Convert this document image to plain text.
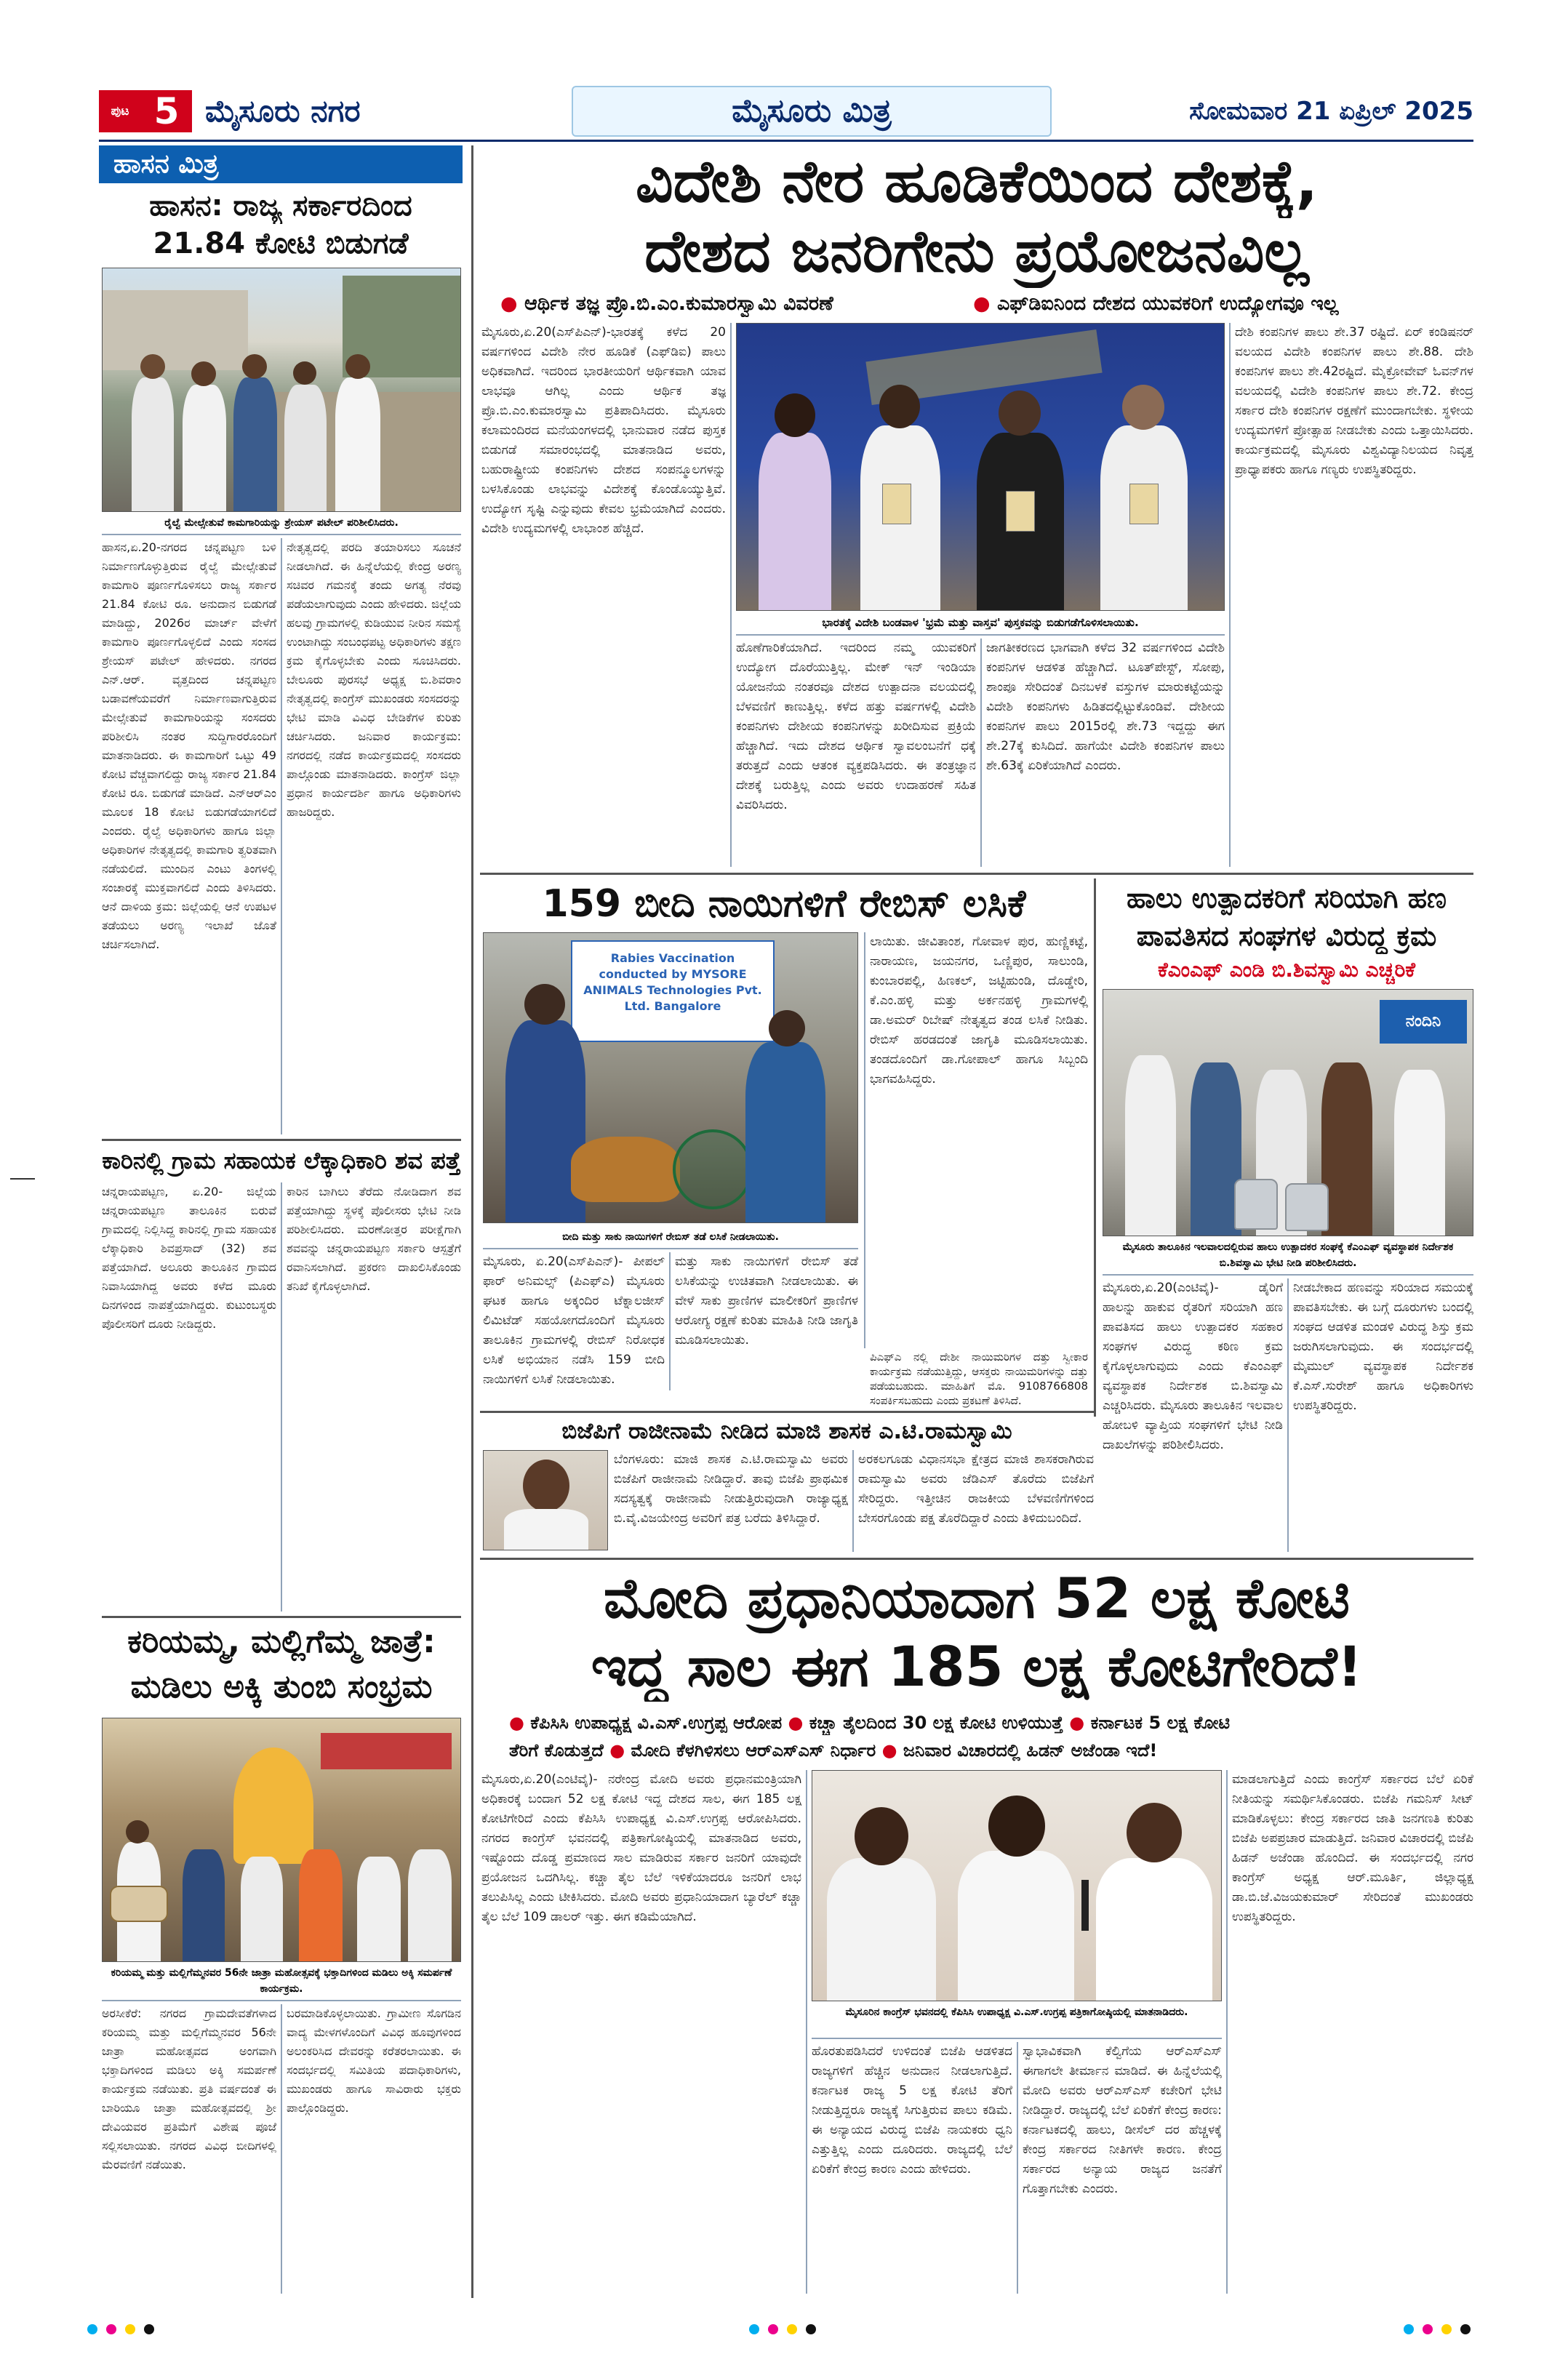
ಪುಟ 5 ಮೈಸೂರು ನಗರ	ಮೈಸೂರು ಮಿತ್ರ	ಸೋಮವಾರ 21 ಏಪ್ರಿಲ್ 2025
ಹಾಸನ ಮಿತ್ರ
ಹಾಸನ: ರಾಜ್ಯ ಸರ್ಕಾರದಿಂದ
21.84 ಕೋಟಿ ಬಿಡುಗಡೆ
ರೈಲ್ವೆ ಮೇಲ್ಸೇತುವೆ ಕಾಮಗಾರಿಯನ್ನು ಶ್ರೇಯಸ್ ಪಟೇಲ್ ಪರಿಶೀಲಿಸಿದರು.
ಹಾಸನ,ಏ.20-ನಗರದ ಚನ್ನಪಟ್ಟಣ ಬಳಿ ನಿರ್ಮಾಣಗೊಳ್ಳುತ್ತಿರುವ ರೈಲ್ವೆ ಮೇಲ್ಸೇತುವೆ ಕಾಮಗಾರಿ ಪೂರ್ಣಗೊಳಿಸಲು ರಾಜ್ಯ ಸರ್ಕಾರ 21.84 ಕೋಟಿ ರೂ. ಅನುದಾನ ಬಿಡುಗಡೆ ಮಾಡಿದ್ದು, 2026ರ ಮಾರ್ಚ್ ವೇಳೆಗೆ ಕಾಮಗಾರಿ ಪೂರ್ಣಗೊಳ್ಳಲಿದೆ ಎಂದು ಸಂಸದ ಶ್ರೇಯಸ್ ಪಟೇಲ್ ಹೇಳಿದರು. ನಗರದ ಎನ್.ಆರ್. ವೃತ್ತದಿಂದ ಚನ್ನಪಟ್ಟಣ ಬಡಾವಣೆಯವರೆಗೆ ನಿರ್ಮಾಣವಾಗುತ್ತಿರುವ ಮೇಲ್ಸೇತುವೆ ಕಾಮಗಾರಿಯನ್ನು ಸಂಸದರು ಪರಿಶೀಲಿಸಿ ನಂತರ ಸುದ್ದಿಗಾರರೊಂದಿಗೆ ಮಾತನಾಡಿದರು. ಈ ಕಾಮಗಾರಿಗೆ ಒಟ್ಟು 49 ಕೋಟಿ ವೆಚ್ಚವಾಗಲಿದ್ದು ರಾಜ್ಯ ಸರ್ಕಾರ 21.84 ಕೋಟಿ ರೂ. ಬಿಡುಗಡೆ ಮಾಡಿದೆ. ಎನ್‌ಆರ್‌ಎಂ ಮೂಲಕ 18 ಕೋಟಿ ಬಿಡುಗಡೆಯಾಗಲಿದೆ ಎಂದರು. ರೈಲ್ವೆ ಅಧಿಕಾರಿಗಳು ಹಾಗೂ ಜಿಲ್ಲಾ ಅಧಿಕಾರಿಗಳ ನೇತೃತ್ವದಲ್ಲಿ ಕಾಮಗಾರಿ ತ್ವರಿತವಾಗಿ ನಡೆಯಲಿದೆ. ಮುಂದಿನ ಎಂಟು ತಿಂಗಳಲ್ಲಿ ಸಂಚಾರಕ್ಕೆ ಮುಕ್ತವಾಗಲಿದೆ ಎಂದು ತಿಳಿಸಿದರು. ಆನೆ ದಾಳಿಯ ಕ್ರಮ: ಜಿಲ್ಲೆಯಲ್ಲಿ ಆನೆ ಉಪಟಳ ತಡೆಯಲು ಅರಣ್ಯ ಇಲಾಖೆ ಜೊತೆ ಚರ್ಚಿಸಲಾಗಿದೆ.
ನೇತೃತ್ವದಲ್ಲಿ ಪರದಿ ತಯಾರಿಸಲು ಸೂಚನೆ ನೀಡಲಾಗಿದೆ. ಈ ಹಿನ್ನೆಲೆಯಲ್ಲಿ ಕೇಂದ್ರ ಅರಣ್ಯ ಸಚಿವರ ಗಮನಕ್ಕೆ ತಂದು ಅಗತ್ಯ ನೆರವು ಪಡೆಯಲಾಗುವುದು ಎಂದು ಹೇಳಿದರು. ಜಿಲ್ಲೆಯ ಹಲವು ಗ್ರಾಮಗಳಲ್ಲಿ ಕುಡಿಯುವ ನೀರಿನ ಸಮಸ್ಯೆ ಉಂಟಾಗಿದ್ದು ಸಂಬಂಧಪಟ್ಟ ಅಧಿಕಾರಿಗಳು ತಕ್ಷಣ ಕ್ರಮ ಕೈಗೊಳ್ಳಬೇಕು ಎಂದು ಸೂಚಿಸಿದರು. ಬೇಲೂರು ಪುರಸಭೆ ಅಧ್ಯಕ್ಷ ಬಿ.ಶಿವರಾಂ ನೇತೃತ್ವದಲ್ಲಿ ಕಾಂಗ್ರೆಸ್ ಮುಖಂಡರು ಸಂಸದರನ್ನು ಭೇಟಿ ಮಾಡಿ ವಿವಿಧ ಬೇಡಿಕೆಗಳ ಕುರಿತು ಚರ್ಚಿಸಿದರು. ಜನಿವಾರ ಕಾರ್ಯಕ್ರಮ: ನಗರದಲ್ಲಿ ನಡೆದ ಕಾರ್ಯಕ್ರಮದಲ್ಲಿ ಸಂಸದರು ಪಾಲ್ಗೊಂಡು ಮಾತನಾಡಿದರು. ಕಾಂಗ್ರೆಸ್ ಜಿಲ್ಲಾ ಪ್ರಧಾನ ಕಾರ್ಯದರ್ಶಿ ಹಾಗೂ ಅಧಿಕಾರಿಗಳು ಹಾಜರಿದ್ದರು.
ಕಾರಿನಲ್ಲಿ ಗ್ರಾಮ ಸಹಾಯಕ ಲೆಕ್ಕಾಧಿಕಾರಿ ಶವ ಪತ್ತೆ
ಚನ್ನರಾಯಪಟ್ಟಣ, ಏ.20- ಜಿಲ್ಲೆಯ ಚನ್ನರಾಯಪಟ್ಟಣ ತಾಲೂಕಿನ ಬಿರುವೆ ಗ್ರಾಮದಲ್ಲಿ ನಿಲ್ಲಿಸಿದ್ದ ಕಾರಿನಲ್ಲಿ ಗ್ರಾಮ ಸಹಾಯಕ ಲೆಕ್ಕಾಧಿಕಾರಿ ಶಿವಪ್ರಸಾದ್ (32) ಶವ ಪತ್ತೆಯಾಗಿದೆ. ಅಲೂರು ತಾಲೂಕಿನ ಗ್ರಾಮದ ನಿವಾಸಿಯಾಗಿದ್ದ ಅವರು ಕಳೆದ ಮೂರು ದಿನಗಳಿಂದ ನಾಪತ್ತೆಯಾಗಿದ್ದರು. ಕುಟುಂಬಸ್ಥರು ಪೊಲೀಸರಿಗೆ ದೂರು ನೀಡಿದ್ದರು.
ಕಾರಿನ ಬಾಗಿಲು ತೆರೆದು ನೋಡಿದಾಗ ಶವ ಪತ್ತೆಯಾಗಿದ್ದು ಸ್ಥಳಕ್ಕೆ ಪೊಲೀಸರು ಭೇಟಿ ನೀಡಿ ಪರಿಶೀಲಿಸಿದರು. ಮರಣೋತ್ತರ ಪರೀಕ್ಷೆಗಾಗಿ ಶವವನ್ನು ಚನ್ನರಾಯಪಟ್ಟಣ ಸರ್ಕಾರಿ ಆಸ್ಪತ್ರೆಗೆ ರವಾನಿಸಲಾಗಿದೆ. ಪ್ರಕರಣ ದಾಖಲಿಸಿಕೊಂಡು ತನಿಖೆ ಕೈಗೊಳ್ಳಲಾಗಿದೆ.
ಕರಿಯಮ್ಮ, ಮಲ್ಲಿಗೆಮ್ಮ ಜಾತ್ರೆ:
ಮಡಿಲು ಅಕ್ಕಿ ತುಂಬಿ ಸಂಭ್ರಮ
ಕರಿಯಮ್ಮ ಮತ್ತು ಮಲ್ಲಿಗೆಮ್ಮನವರ 56ನೇ ಜಾತ್ರಾ ಮಹೋತ್ಸವಕ್ಕೆ ಭಕ್ತಾದಿಗಳಿಂದ ಮಡಿಲು ಅಕ್ಕಿ ಸಮರ್ಪಣೆ ಕಾರ್ಯಕ್ರಮ.
ಅರಸೀಕೆರೆ: ನಗರದ ಗ್ರಾಮದೇವತೆಗಳಾದ ಕರಿಯಮ್ಮ ಮತ್ತು ಮಲ್ಲಿಗೆಮ್ಮನವರ 56ನೇ ಜಾತ್ರಾ ಮಹೋತ್ಸವದ ಅಂಗವಾಗಿ ಭಕ್ತಾದಿಗಳಿಂದ ಮಡಿಲು ಅಕ್ಕಿ ಸಮರ್ಪಣೆ ಕಾರ್ಯಕ್ರಮ ನಡೆಯಿತು. ಪ್ರತಿ ವರ್ಷದಂತೆ ಈ ಬಾರಿಯೂ ಜಾತ್ರಾ ಮಹೋತ್ಸವದಲ್ಲಿ ಶ್ರೀ ದೇವಿಯವರ ಪ್ರತಿಮೆಗೆ ವಿಶೇಷ ಪೂಜೆ ಸಲ್ಲಿಸಲಾಯಿತು. ನಗರದ ವಿವಿಧ ಬೀದಿಗಳಲ್ಲಿ ಮೆರವಣಿಗೆ ನಡೆಯಿತು.
ಬರಮಾಡಿಕೊಳ್ಳಲಾಯಿತು. ಗ್ರಾಮೀಣ ಸೊಗಡಿನ ವಾದ್ಯ ಮೇಳಗಳೊಂದಿಗೆ ವಿವಿಧ ಹೂವುಗಳಿಂದ ಅಲಂಕರಿಸಿದ ದೇವರನ್ನು ಕರೆತರಲಾಯಿತು. ಈ ಸಂದರ್ಭದಲ್ಲಿ ಸಮಿತಿಯ ಪದಾಧಿಕಾರಿಗಳು, ಮುಖಂಡರು ಹಾಗೂ ಸಾವಿರಾರು ಭಕ್ತರು ಪಾಲ್ಗೊಂಡಿದ್ದರು.
ವಿದೇಶಿ ನೇರ ಹೂಡಿಕೆಯಿಂದ ದೇಶಕ್ಕೆ,
ದೇಶದ ಜನರಿಗೇನು ಪ್ರಯೋಜನವಿಲ್ಲ
● ಆರ್ಥಿಕ ತಜ್ಞ ಪ್ರೊ.ಬಿ.ಎಂ.ಕುಮಾರಸ್ವಾಮಿ ವಿವರಣೆ	● ಎಫ್‌ಡಿಐನಿಂದ ದೇಶದ ಯುವಕರಿಗೆ ಉದ್ಯೋಗವೂ ಇಲ್ಲ
ಮೈಸೂರು,ಏ.20(ಎಸ್‌ಪಿಎನ್)-ಭಾರತಕ್ಕೆ ಕಳೆದ 20 ವರ್ಷಗಳಿಂದ ವಿದೇಶಿ ನೇರ ಹೂಡಿಕೆ (ಎಫ್‌ಡಿಐ) ಪಾಲು ಅಧಿಕವಾಗಿದೆ. ಇದರಿಂದ ಭಾರತೀಯರಿಗೆ ಆರ್ಥಿಕವಾಗಿ ಯಾವ ಲಾಭವೂ ಆಗಿಲ್ಲ ಎಂದು ಆರ್ಥಿಕ ತಜ್ಞ ಪ್ರೊ.ಬಿ.ಎಂ.ಕುಮಾರಸ್ವಾಮಿ ಪ್ರತಿಪಾದಿಸಿದರು. ಮೈಸೂರು ಕಲಾಮಂದಿರದ ಮನೆಯಂಗಳದಲ್ಲಿ ಭಾನುವಾರ ನಡೆದ ಪುಸ್ತಕ ಬಿಡುಗಡೆ ಸಮಾರಂಭದಲ್ಲಿ ಮಾತನಾಡಿದ ಅವರು, ಬಹುರಾಷ್ಟ್ರೀಯ ಕಂಪನಿಗಳು ದೇಶದ ಸಂಪನ್ಮೂಲಗಳನ್ನು ಬಳಸಿಕೊಂಡು ಲಾಭವನ್ನು ವಿದೇಶಕ್ಕೆ ಕೊಂಡೊಯ್ಯುತ್ತಿವೆ. ಉದ್ಯೋಗ ಸೃಷ್ಟಿ ಎನ್ನುವುದು ಕೇವಲ ಭ್ರಮೆಯಾಗಿದೆ ಎಂದರು. ವಿದೇಶಿ ಉದ್ಯಮಗಳಲ್ಲಿ ಲಾಭಾಂಶ ಹೆಚ್ಚಿದೆ.
ಭಾರತಕ್ಕೆ ವಿದೇಶಿ ಬಂಡವಾಳ 'ಭ್ರಮೆ ಮತ್ತು ವಾಸ್ತವ' ಪುಸ್ತಕವನ್ನು ಬಿಡುಗಡೆಗೊಳಿಸಲಾಯಿತು.
ಹೊಣೆಗಾರಿಕೆಯಾಗಿದೆ. ಇದರಿಂದ ನಮ್ಮ ಯುವಕರಿಗೆ ಉದ್ಯೋಗ ದೊರೆಯುತ್ತಿಲ್ಲ. ಮೇಕ್ ಇನ್ ಇಂಡಿಯಾ ಯೋಜನೆಯ ನಂತರವೂ ದೇಶದ ಉತ್ಪಾದನಾ ವಲಯದಲ್ಲಿ ಬೆಳವಣಿಗೆ ಕಾಣುತ್ತಿಲ್ಲ. ಕಳೆದ ಹತ್ತು ವರ್ಷಗಳಲ್ಲಿ ವಿದೇಶಿ ಕಂಪನಿಗಳು ದೇಶೀಯ ಕಂಪನಿಗಳನ್ನು ಖರೀದಿಸುವ ಪ್ರಕ್ರಿಯೆ ಹೆಚ್ಚಾಗಿದೆ. ಇದು ದೇಶದ ಆರ್ಥಿಕ ಸ್ವಾವಲಂಬನೆಗೆ ಧಕ್ಕೆ ತರುತ್ತದೆ ಎಂದು ಆತಂಕ ವ್ಯಕ್ತಪಡಿಸಿದರು. ಈ ತಂತ್ರಜ್ಞಾನ ದೇಶಕ್ಕೆ ಬರುತ್ತಿಲ್ಲ ಎಂದು ಅವರು ಉದಾಹರಣೆ ಸಹಿತ ವಿವರಿಸಿದರು.
ಜಾಗತೀಕರಣದ ಭಾಗವಾಗಿ ಕಳೆದ 32 ವರ್ಷಗಳಿಂದ ವಿದೇಶಿ ಕಂಪನಿಗಳ ಆಡಳಿತ ಹೆಚ್ಚಾಗಿದೆ. ಟೂತ್‌ಪೇಸ್ಟ್, ಸೋಪು, ಶಾಂಪೂ ಸೇರಿದಂತೆ ದಿನಬಳಕೆ ವಸ್ತುಗಳ ಮಾರುಕಟ್ಟೆಯನ್ನು ವಿದೇಶಿ ಕಂಪನಿಗಳು ಹಿಡಿತದಲ್ಲಿಟ್ಟುಕೊಂಡಿವೆ. ದೇಶೀಯ ಕಂಪನಿಗಳ ಪಾಲು 2015ರಲ್ಲಿ ಶೇ.73 ಇದ್ದದ್ದು ಈಗ ಶೇ.27ಕ್ಕೆ ಕುಸಿದಿದೆ. ಹಾಗೆಯೇ ವಿದೇಶಿ ಕಂಪನಿಗಳ ಪಾಲು ಶೇ.63ಕ್ಕೆ ಏರಿಕೆಯಾಗಿದೆ ಎಂದರು.
ದೇಶಿ ಕಂಪನಿಗಳ ಪಾಲು ಶೇ.37 ರಷ್ಟಿದೆ. ಏರ್ ಕಂಡಿಷನರ್ ವಲಯದ ವಿದೇಶಿ ಕಂಪನಿಗಳ ಪಾಲು ಶೇ.88. ದೇಶಿ ಕಂಪನಿಗಳ ಪಾಲು ಶೇ.42ರಷ್ಟಿದೆ. ಮೈಕ್ರೋವೇವ್ ಓವನ್‌ಗಳ ವಲಯದಲ್ಲಿ ವಿದೇಶಿ ಕಂಪನಿಗಳ ಪಾಲು ಶೇ.72. ಕೇಂದ್ರ ಸರ್ಕಾರ ದೇಶಿ ಕಂಪನಿಗಳ ರಕ್ಷಣೆಗೆ ಮುಂದಾಗಬೇಕು. ಸ್ಥಳೀಯ ಉದ್ಯಮಗಳಿಗೆ ಪ್ರೋತ್ಸಾಹ ನೀಡಬೇಕು ಎಂದು ಒತ್ತಾಯಿಸಿದರು. ಕಾರ್ಯಕ್ರಮದಲ್ಲಿ ಮೈಸೂರು ವಿಶ್ವವಿದ್ಯಾನಿಲಯದ ನಿವೃತ್ತ ಪ್ರಾಧ್ಯಾಪಕರು ಹಾಗೂ ಗಣ್ಯರು ಉಪಸ್ಥಿತರಿದ್ದರು.
159 ಬೀದಿ ನಾಯಿಗಳಿಗೆ ರೇಬಿಸ್ ಲಸಿಕೆ
Rabies Vaccination conducted by MYSORE ANIMALS Technologies Pvt. Ltd. Bangalore
ಬೀದಿ ಮತ್ತು ಸಾಕು ನಾಯಿಗಳಿಗೆ ರೇಬಿಸ್ ತಡೆ ಲಸಿಕೆ ನೀಡಲಾಯಿತು.
ಲಾಯಿತು. ಜೀವಿತಾಂಶ, ಗೋವಾಳ ಪುರ, ಹುಣ್ಣಿಕಟ್ಟೆ, ನಾರಾಯಣ, ಜಯನಗರ, ಒಣ್ಣಿಪುರ, ಸಾಲುಂಡಿ, ಕುಂಬಾರಪಲ್ಲಿ, ಹಿಣಕಲ್, ಜಟ್ಟಿಹುಂಡಿ, ದೊಡ್ಡೇರಿ, ಕೆ.ಎಂ.ಹಳ್ಳಿ ಮತ್ತು ಅರ್ಕನಹಳ್ಳಿ ಗ್ರಾಮಗಳಲ್ಲಿ ಡಾ.ಅಮರ್ ರಿಬೇಷ್ ನೇತೃತ್ವದ ತಂಡ ಲಸಿಕೆ ನೀಡಿತು. ರೇಬಿಸ್ ಹರಡದಂತೆ ಜಾಗೃತಿ ಮೂಡಿಸಲಾಯಿತು. ತಂಡದೊಂದಿಗೆ ಡಾ.ಗೋಪಾಲ್ ಹಾಗೂ ಸಿಬ್ಬಂದಿ ಭಾಗವಹಿಸಿದ್ದರು.
ಮೈಸೂರು, ಏ.20(ಎಸ್‌ಪಿಎನ್)- ಪೀಪಲ್ ಫಾರ್ ಅನಿಮಲ್ಸ್ (ಪಿಎಫ್‌ಎ) ಮೈಸೂರು ಘಟಕ ಹಾಗೂ ಅಕ್ಕಂದಿರ ಟೆಕ್ನಾಲಜೀಸ್ ಲಿಮಿಟೆಡ್ ಸಹಯೋಗದೊಂದಿಗೆ ಮೈಸೂರು ತಾಲೂಕಿನ ಗ್ರಾಮಗಳಲ್ಲಿ ರೇಬಿಸ್ ನಿರೋಧಕ ಲಸಿಕೆ ಅಭಿಯಾನ ನಡೆಸಿ 159 ಬೀದಿ ನಾಯಿಗಳಿಗೆ ಲಸಿಕೆ ನೀಡಲಾಯಿತು.
ಮತ್ತು ಸಾಕು ನಾಯಿಗಳಿಗೆ ರೇಬಿಸ್ ತಡೆ ಲಸಿಕೆಯನ್ನು ಉಚಿತವಾಗಿ ನೀಡಲಾಯಿತು. ಈ ವೇಳೆ ಸಾಕು ಪ್ರಾಣಿಗಳ ಮಾಲೀಕರಿಗೆ ಪ್ರಾಣಿಗಳ ಆರೋಗ್ಯ ರಕ್ಷಣೆ ಕುರಿತು ಮಾಹಿತಿ ನೀಡಿ ಜಾಗೃತಿ ಮೂಡಿಸಲಾಯಿತು.
ಪಿಎಫ್‌ಎ ನಲ್ಲಿ ದೇಶೀ ನಾಯಿಮರಿಗಳ ದತ್ತು ಸ್ವೀಕಾರ ಕಾರ್ಯಕ್ರಮ ನಡೆಯುತ್ತಿದ್ದು, ಆಸಕ್ತರು ನಾಯಿಮರಿಗಳನ್ನು ದತ್ತು ಪಡೆಯಬಹುದು. ಮಾಹಿತಿಗೆ ಮೊ. 9108766808 ಸಂಪರ್ಕಿಸಬಹುದು ಎಂದು ಪ್ರಕಟಣೆ ತಿಳಿಸಿದೆ.
ಹಾಲು ಉತ್ಪಾದಕರಿಗೆ ಸರಿಯಾಗಿ ಹಣ
ಪಾವತಿಸದ ಸಂಘಗಳ ವಿರುದ್ಧ ಕ್ರಮ
ಕೆಎಂಎಫ್ ಎಂಡಿ ಬಿ.ಶಿವಸ್ವಾಮಿ ಎಚ್ಚರಿಕೆ
ನಂದಿನಿ
ಮೈಸೂರು ತಾಲೂಕಿನ ಇಲವಾಲದಲ್ಲಿರುವ ಹಾಲು ಉತ್ಪಾದಕರ ಸಂಘಕ್ಕೆ ಕೆಎಂಎಫ್ ವ್ಯವಸ್ಥಾಪಕ ನಿರ್ದೇಶಕ ಬಿ.ಶಿವಸ್ವಾಮಿ ಭೇಟಿ ನೀಡಿ ಪರಿಶೀಲಿಸಿದರು.
ಮೈಸೂರು,ಏ.20(ಎಂಟಿವೈ)- ಡೈರಿಗೆ ಹಾಲನ್ನು ಹಾಕುವ ರೈತರಿಗೆ ಸರಿಯಾಗಿ ಹಣ ಪಾವತಿಸದ ಹಾಲು ಉತ್ಪಾದಕರ ಸಹಕಾರ ಸಂಘಗಳ ವಿರುದ್ಧ ಕಠಿಣ ಕ್ರಮ ಕೈಗೊಳ್ಳಲಾಗುವುದು ಎಂದು ಕೆಎಂಎಫ್ ವ್ಯವಸ್ಥಾಪಕ ನಿರ್ದೇಶಕ ಬಿ.ಶಿವಸ್ವಾಮಿ ಎಚ್ಚರಿಸಿದರು. ಮೈಸೂರು ತಾಲೂಕಿನ ಇಲವಾಲ ಹೋಬಳಿ ವ್ಯಾಪ್ತಿಯ ಸಂಘಗಳಿಗೆ ಭೇಟಿ ನೀಡಿ ದಾಖಲೆಗಳನ್ನು ಪರಿಶೀಲಿಸಿದರು.
ನೀಡಬೇಕಾದ ಹಣವನ್ನು ಸರಿಯಾದ ಸಮಯಕ್ಕೆ ಪಾವತಿಸಬೇಕು. ಈ ಬಗ್ಗೆ ದೂರುಗಳು ಬಂದಲ್ಲಿ ಸಂಘದ ಆಡಳಿತ ಮಂಡಳಿ ವಿರುದ್ಧ ಶಿಸ್ತು ಕ್ರಮ ಜರುಗಿಸಲಾಗುವುದು. ಈ ಸಂದರ್ಭದಲ್ಲಿ ಮೈಮುಲ್ ವ್ಯವಸ್ಥಾಪಕ ನಿರ್ದೇಶಕ ಕೆ.ಎಸ್.ಸುರೇಶ್ ಹಾಗೂ ಅಧಿಕಾರಿಗಳು ಉಪಸ್ಥಿತರಿದ್ದರು.
ಬಿಜೆಪಿಗೆ ರಾಜೀನಾಮೆ ನೀಡಿದ ಮಾಜಿ ಶಾಸಕ ಎ.ಟಿ.ರಾಮಸ್ವಾಮಿ
ಬೆಂಗಳೂರು: ಮಾಜಿ ಶಾಸಕ ಎ.ಟಿ.ರಾಮಸ್ವಾಮಿ ಅವರು ಬಿಜೆಪಿಗೆ ರಾಜೀನಾಮೆ ನೀಡಿದ್ದಾರೆ. ತಾವು ಬಿಜೆಪಿ ಪ್ರಾಥಮಿಕ ಸದಸ್ಯತ್ವಕ್ಕೆ ರಾಜೀನಾಮೆ ನೀಡುತ್ತಿರುವುದಾಗಿ ರಾಜ್ಯಾಧ್ಯಕ್ಷ ಬಿ.ವೈ.ವಿಜಯೇಂದ್ರ ಅವರಿಗೆ ಪತ್ರ ಬರೆದು ತಿಳಿಸಿದ್ದಾರೆ.
ಅರಕಲಗೂಡು ವಿಧಾನಸಭಾ ಕ್ಷೇತ್ರದ ಮಾಜಿ ಶಾಸಕರಾಗಿರುವ ರಾಮಸ್ವಾಮಿ ಅವರು ಜೆಡಿಎಸ್ ತೊರೆದು ಬಿಜೆಪಿಗೆ ಸೇರಿದ್ದರು. ಇತ್ತೀಚಿನ ರಾಜಕೀಯ ಬೆಳವಣಿಗೆಗಳಿಂದ ಬೇಸರಗೊಂಡು ಪಕ್ಷ ತೊರೆದಿದ್ದಾರೆ ಎಂದು ತಿಳಿದುಬಂದಿದೆ.
ಮೋದಿ ಪ್ರಧಾನಿಯಾದಾಗ 52 ಲಕ್ಷ ಕೋಟಿ
ಇದ್ದ ಸಾಲ ಈಗ 185 ಲಕ್ಷ ಕೋಟಿಗೇರಿದೆ!
● ಕೆಪಿಸಿಸಿ ಉಪಾಧ್ಯಕ್ಷ ವಿ.ಎಸ್.ಉಗ್ರಪ್ಪ ಆರೋಪ ● ಕಚ್ಚಾ ತೈಲದಿಂದ 30 ಲಕ್ಷ ಕೋಟಿ ಉಳಿಯುತ್ತೆ ● ಕರ್ನಾಟಕ 5 ಲಕ್ಷ ಕೋಟಿ
ತೆರಿಗೆ ಕೊಡುತ್ತದೆ ● ಮೋದಿ ಕೆಳಗಿಳಿಸಲು ಆರ್‌ಎಸ್‌ಎಸ್ ನಿರ್ಧಾರ ● ಜನಿವಾರ ವಿಚಾರದಲ್ಲಿ ಹಿಡನ್ ಅಜೆಂಡಾ ಇದೆ!
ಮೈಸೂರು,ಏ.20(ಎಂಟಿವೈ)- ನರೇಂದ್ರ ಮೋದಿ ಅವರು ಪ್ರಧಾನಮಂತ್ರಿಯಾಗಿ ಅಧಿಕಾರಕ್ಕೆ ಬಂದಾಗ 52 ಲಕ್ಷ ಕೋಟಿ ಇದ್ದ ದೇಶದ ಸಾಲ, ಈಗ 185 ಲಕ್ಷ ಕೋಟಿಗೇರಿದೆ ಎಂದು ಕೆಪಿಸಿಸಿ ಉಪಾಧ್ಯಕ್ಷ ವಿ.ಎಸ್.ಉಗ್ರಪ್ಪ ಆರೋಪಿಸಿದರು. ನಗರದ ಕಾಂಗ್ರೆಸ್ ಭವನದಲ್ಲಿ ಪತ್ರಿಕಾಗೋಷ್ಠಿಯಲ್ಲಿ ಮಾತನಾಡಿದ ಅವರು, ಇಷ್ಟೊಂದು ದೊಡ್ಡ ಪ್ರಮಾಣದ ಸಾಲ ಮಾಡಿರುವ ಸರ್ಕಾರ ಜನರಿಗೆ ಯಾವುದೇ ಪ್ರಯೋಜನ ಒದಗಿಸಿಲ್ಲ. ಕಚ್ಚಾ ತೈಲ ಬೆಲೆ ಇಳಿಕೆಯಾದರೂ ಜನರಿಗೆ ಲಾಭ ತಲುಪಿಸಿಲ್ಲ ಎಂದು ಟೀಕಿಸಿದರು. ಮೋದಿ ಅವರು ಪ್ರಧಾನಿಯಾದಾಗ ಬ್ಯಾರೆಲ್ ಕಚ್ಚಾ ತೈಲ ಬೆಲೆ 109 ಡಾಲರ್ ಇತ್ತು. ಈಗ ಕಡಿಮೆಯಾಗಿದೆ.
ಮೈಸೂರಿನ ಕಾಂಗ್ರೆಸ್ ಭವನದಲ್ಲಿ ಕೆಪಿಸಿಸಿ ಉಪಾಧ್ಯಕ್ಷ ವಿ.ಎಸ್.ಉಗ್ರಪ್ಪ ಪತ್ರಿಕಾಗೋಷ್ಠಿಯಲ್ಲಿ ಮಾತನಾಡಿದರು.
ಹೊರತುಪಡಿಸಿದರೆ ಉಳಿದಂತೆ ಬಿಜೆಪಿ ಆಡಳಿತದ ರಾಜ್ಯಗಳಿಗೆ ಹೆಚ್ಚಿನ ಅನುದಾನ ನೀಡಲಾಗುತ್ತಿದೆ. ಕರ್ನಾಟಕ ರಾಜ್ಯ 5 ಲಕ್ಷ ಕೋಟಿ ತೆರಿಗೆ ನೀಡುತ್ತಿದ್ದರೂ ರಾಜ್ಯಕ್ಕೆ ಸಿಗುತ್ತಿರುವ ಪಾಲು ಕಡಿಮೆ. ಈ ಅನ್ಯಾಯದ ವಿರುದ್ಧ ಬಿಜೆಪಿ ನಾಯಕರು ಧ್ವನಿ ಎತ್ತುತ್ತಿಲ್ಲ ಎಂದು ದೂರಿದರು. ರಾಜ್ಯದಲ್ಲಿ ಬೆಲೆ ಏರಿಕೆಗೆ ಕೇಂದ್ರ ಕಾರಣ ಎಂದು ಹೇಳಿದರು.
ಸ್ವಾಭಾವಿಕವಾಗಿ ಕೆಲ್ವಿಗೆಯ ಆರ್‌ಎಸ್‌ಎಸ್ ಈಗಾಗಲೇ ತೀರ್ಮಾನ ಮಾಡಿದೆ. ಈ ಹಿನ್ನೆಲೆಯಲ್ಲಿ ಮೋದಿ ಅವರು ಆರ್‌ಎಸ್‌ಎಸ್ ಕಚೇರಿಗೆ ಭೇಟಿ ನೀಡಿದ್ದಾರೆ. ರಾಜ್ಯದಲ್ಲಿ ಬೆಲೆ ಏರಿಕೆಗೆ ಕೇಂದ್ರ ಕಾರಣ: ಕರ್ನಾಟಕದಲ್ಲಿ ಹಾಲು, ಡೀಸೆಲ್ ದರ ಹೆಚ್ಚಳಕ್ಕೆ ಕೇಂದ್ರ ಸರ್ಕಾರದ ನೀತಿಗಳೇ ಕಾರಣ. ಕೇಂದ್ರ ಸರ್ಕಾರದ ಅನ್ಯಾಯ ರಾಜ್ಯದ ಜನತೆಗೆ ಗೊತ್ತಾಗಬೇಕು ಎಂದರು.
ಮಾಡಲಾಗುತ್ತಿದೆ ಎಂದು ಕಾಂಗ್ರೆಸ್ ಸರ್ಕಾರದ ಬೆಲೆ ಏರಿಕೆ ನೀತಿಯನ್ನು ಸಮರ್ಥಿಸಿಕೊಂಡರು. ಬಿಜೆಪಿ ಗಮನಿಸ್ ಸೀಟ್ ಮಾಡಿಕೊಳ್ಳಲು: ಕೇಂದ್ರ ಸರ್ಕಾರದ ಜಾತಿ ಜನಗಣತಿ ಕುರಿತು ಬಿಜೆಪಿ ಅಪಪ್ರಚಾರ ಮಾಡುತ್ತಿದೆ. ಜನಿವಾರ ವಿಚಾರದಲ್ಲಿ ಬಿಜೆಪಿ ಹಿಡನ್ ಅಜೆಂಡಾ ಹೊಂದಿದೆ. ಈ ಸಂದರ್ಭದಲ್ಲಿ ನಗರ ಕಾಂಗ್ರೆಸ್ ಅಧ್ಯಕ್ಷ ಆರ್.ಮೂರ್ತಿ, ಜಿಲ್ಲಾಧ್ಯಕ್ಷ ಡಾ.ಬಿ.ಜೆ.ವಿಜಯಕುಮಾರ್ ಸೇರಿದಂತೆ ಮುಖಂಡರು ಉಪಸ್ಥಿತರಿದ್ದರು.
